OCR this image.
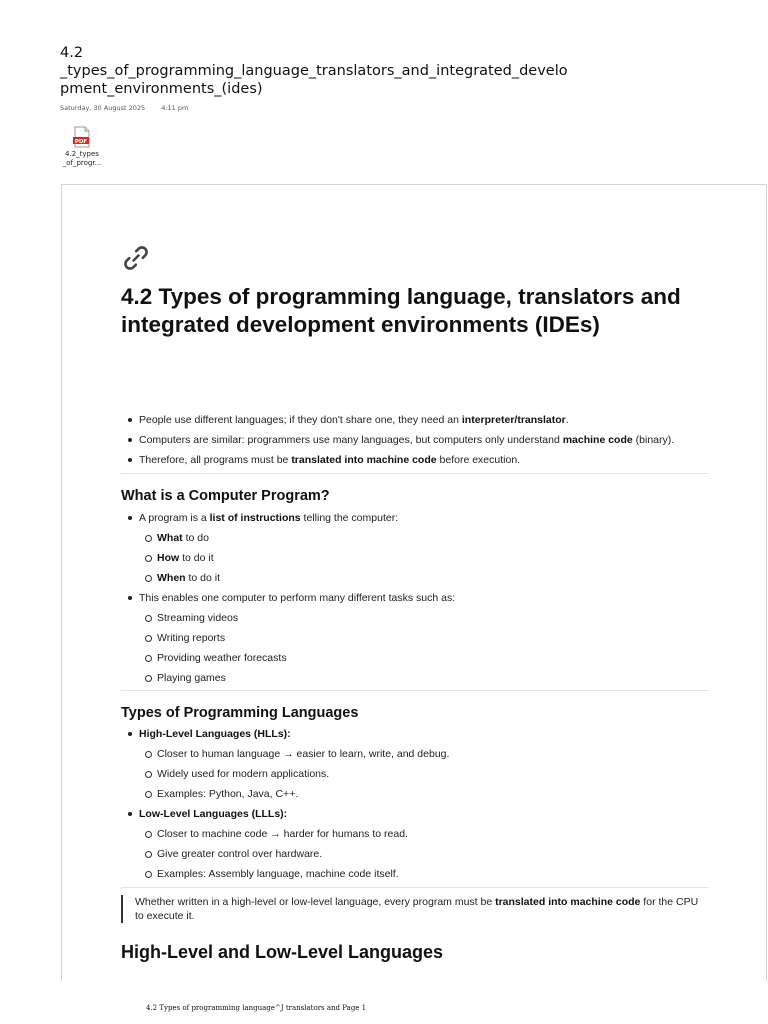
4.2
_types_of_programming_language_translators_and_integrated_develo
pment_environments_(ides)
Saturday, 30 August 2025 4:11 pm
PDF
4.2_types
_of_progr...
4.2 Types of programming language, translators and integrated development environments (IDEs)
People use different languages; if they don't share one, they need an interpreter/translator.
Computers are similar: programmers use many languages, but computers only understand machine code (binary).
Therefore, all programs must be translated into machine code before execution.
What is a Computer Program?
A program is a list of instructions telling the computer:
What to do
How to do it
When to do it
This enables one computer to perform many different tasks such as:
Streaming videos
Writing reports
Providing weather forecasts
Playing games
Types of Programming Languages
High-Level Languages (HLLs):
Closer to human language → easier to learn, write, and debug.
Widely used for modern applications.
Examples: Python, Java, C++.
Low-Level Languages (LLLs):
Closer to machine code → harder for humans to read.
Give greater control over hardware.
Examples: Assembly language, machine code itself.
Whether written in a high-level or low-level language, every program must be translated into machine code for the CPU to execute it.
High-Level and Low-Level Languages
4.2 Types of programming language^J translators and Page 1
